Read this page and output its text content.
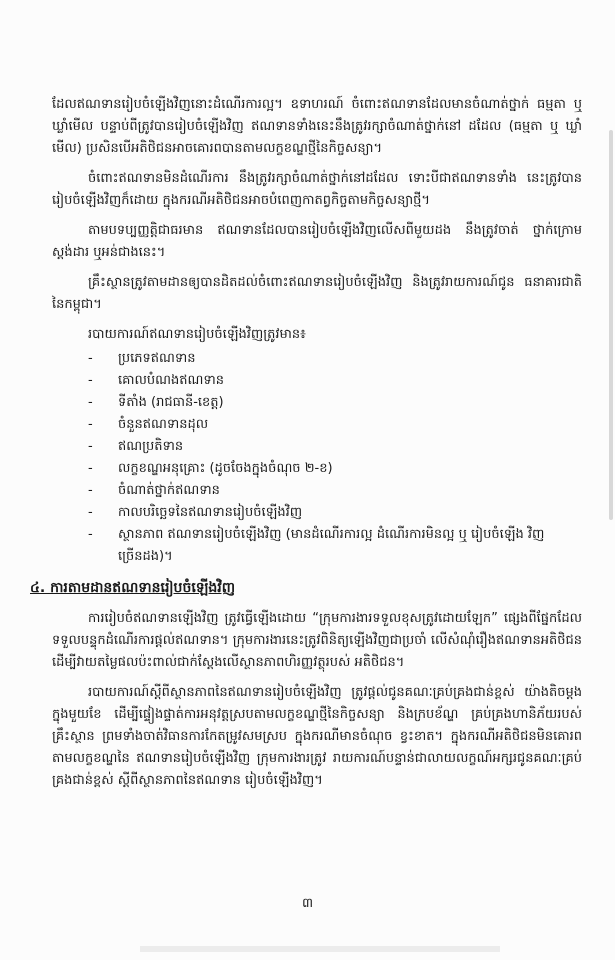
ដែលឥណទានរៀបចំឡើងវិញនោះដំណើរការល្អ។ ឧទាហរណ៍ ចំពោះឥណទានដែលមានចំណាត់ថ្នាក់ ធម្មតា ឬ ឃ្លាំមើល បន្ទាប់ពីត្រូវបានរៀបចំឡើងវិញ ឥណទានទាំងនេះនឹងត្រូវរក្សាចំណាត់ថ្នាក់នៅ ដដែល (ធម្មតា ឬ ឃ្លាំមើល) ប្រសិនបើអតិថិជនអាចគោរពបានតាមលក្ខខណ្ឌថ្មីនៃកិច្ចសន្យា។

ចំពោះឥណទានមិនដំណើរការ នឹងត្រូវរក្សាចំណាត់ថ្នាក់នៅដដែល ទោះបីជាឥណទានទាំង នេះត្រូវបានរៀបចំឡើងវិញក៏ដោយ ក្នុងករណីអតិថិជនអាចបំពេញកាតព្វកិច្ចតាមកិច្ចសន្យាថ្មី។

តាមបទប្បញ្ញត្តិជាធរមាន ឥណទានដែលបានរៀបចំឡើងវិញលើសពីមួយដង នឹងត្រូវចាត់ ថ្នាក់ក្រោមស្តង់ដារ ឬអន់ជាងនេះ។

គ្រឹះស្ថានត្រូវតាមដានឲ្យបានដិតដល់ចំពោះឥណទានរៀបចំឡើងវិញ និងត្រូវរាយការណ៍ជូន ធនាគារជាតិនៃកម្ពុជា។

របាយការណ៍ឥណទានរៀបចំឡើងវិញត្រូវមាន៖
- ប្រភេទឥណទាន
- គោលបំណងឥណទាន
- ទីតាំង (រាជធានី-ខេត្ត)
- ចំនួនឥណទានដុល
- ឥណប្រតិទាន
- លក្ខខណ្ឌអនុគ្រោះ (ដូចចែងក្នុងចំណុច ២-ខ)
- ចំណាត់ថ្នាក់ឥណទាន
- កាលបរិច្ឆេទនៃឥណទានរៀបចំឡើងវិញ
- ស្ថានភាព ឥណទានរៀបចំឡើងវិញ (មានដំណើរការល្អ ដំណើរការមិនល្អ ឬ រៀបចំឡើង វិញច្រើនដង)។
៤. ការតាមដានឥណទានរៀបចំឡើងវិញ

ការរៀបចំឥណទានឡើងវិញ ត្រូវធ្វើឡើងដោយ “ក្រុមការងារទទួលខុសត្រូវដោយឡែក” ផ្សេងពីផ្នែកដែលទទួលបន្ទុកដំណើរការផ្តល់ឥណទាន។ ក្រុមការងារនេះត្រូវពិនិត្យឡើងវិញជាប្រចាំ លើសំណុំរឿងឥណទានអតិថិជន ដើម្បីវាយតម្លៃផលប៉ះពាល់ជាក់ស្តែងលើស្ថានភាពហិរញ្ញវត្ថុរបស់ អតិថិជន។

របាយការណ៍ស្តីពីស្ថានភាពនៃឥណទានរៀបចំឡើងវិញ ត្រូវផ្តល់ជូនគណៈគ្រប់គ្រងជាន់ខ្ពស់ យ៉ាងតិចម្តងក្នុងមួយខែ ដើម្បីផ្ទៀងផ្ទាត់ការអនុវត្តស្របតាមលក្ខខណ្ឌថ្មីនៃកិច្ចសន្យា និងក្របខ័ណ្ឌ គ្រប់គ្រងហានិភ័យរបស់គ្រឹះស្ថាន ព្រមទាំងចាត់វិធានការកែតម្រូវសមស្រប ក្នុងករណីមានចំណុច ខ្វះខាត។ ក្នុងករណីអតិថិជនមិនគោរពតាមលក្ខខណ្ឌនៃ ឥណទានរៀបចំឡើងវិញ ក្រុមការងារត្រូវ រាយការណ៍បន្ទាន់ជាលាយលក្ខណ៍អក្សរជូនគណៈគ្រប់គ្រងជាន់ខ្ពស់ ស្តីពីស្ថានភាពនៃឥណទាន រៀបចំឡើងវិញ។

៣
